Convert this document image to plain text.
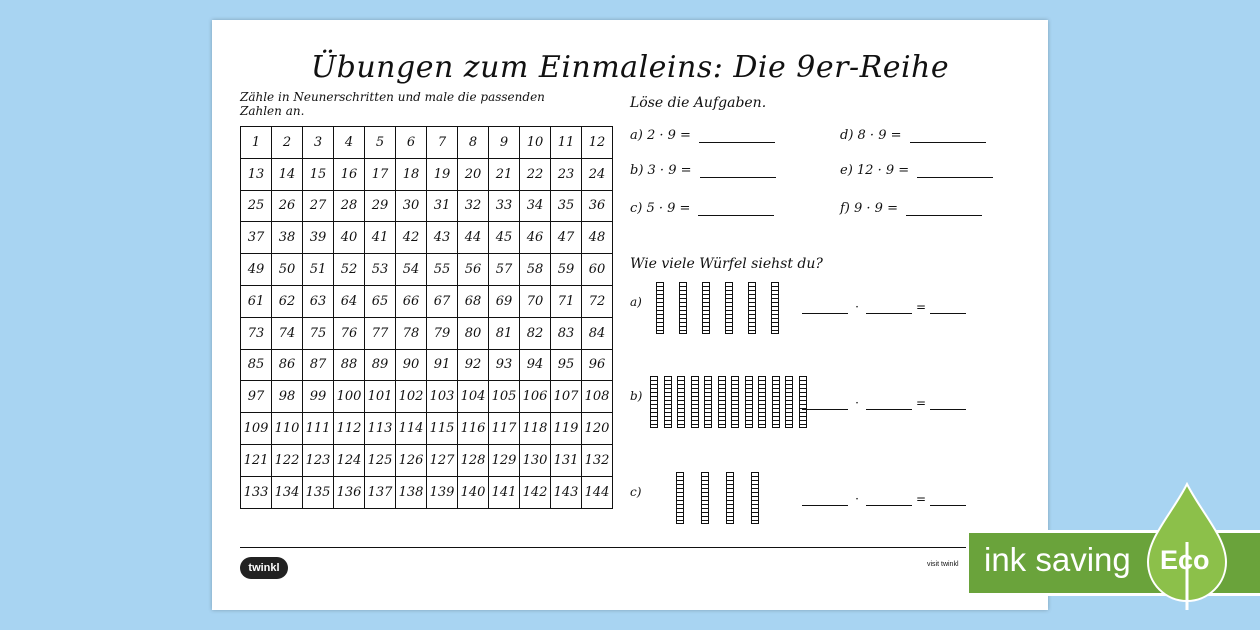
Übungen zum Einmaleins: Die 9er-Reihe
Zähle in Neunerschritten und male die passenden Zahlen an.
1	2	3	4	5	6	7	8	9	10	11	12
13	14	15	16	17	18	19	20	21	22	23	24
25	26	27	28	29	30	31	32	33	34	35	36
37	38	39	40	41	42	43	44	45	46	47	48
49	50	51	52	53	54	55	56	57	58	59	60
61	62	63	64	65	66	67	68	69	70	71	72
73	74	75	76	77	78	79	80	81	82	83	84
85	86	87	88	89	90	91	92	93	94	95	96
97	98	99	100	101	102	103	104	105	106	107	108
109	110	111	112	113	114	115	116	117	118	119	120
121	122	123	124	125	126	127	128	129	130	131	132
133	134	135	136	137	138	139	140	141	142	143	144
Löse die Aufgaben.
a) 2 · 9 =
b) 3 · 9 =
c) 5 · 9 =
d) 8 · 9 =
e) 12 · 9 =
f) 9 · 9 =
Wie viele Würfel siehst du?
a)
b)
c)
·	=
·	=
·	=
twinkl	visit twinkl ink saving Eco
